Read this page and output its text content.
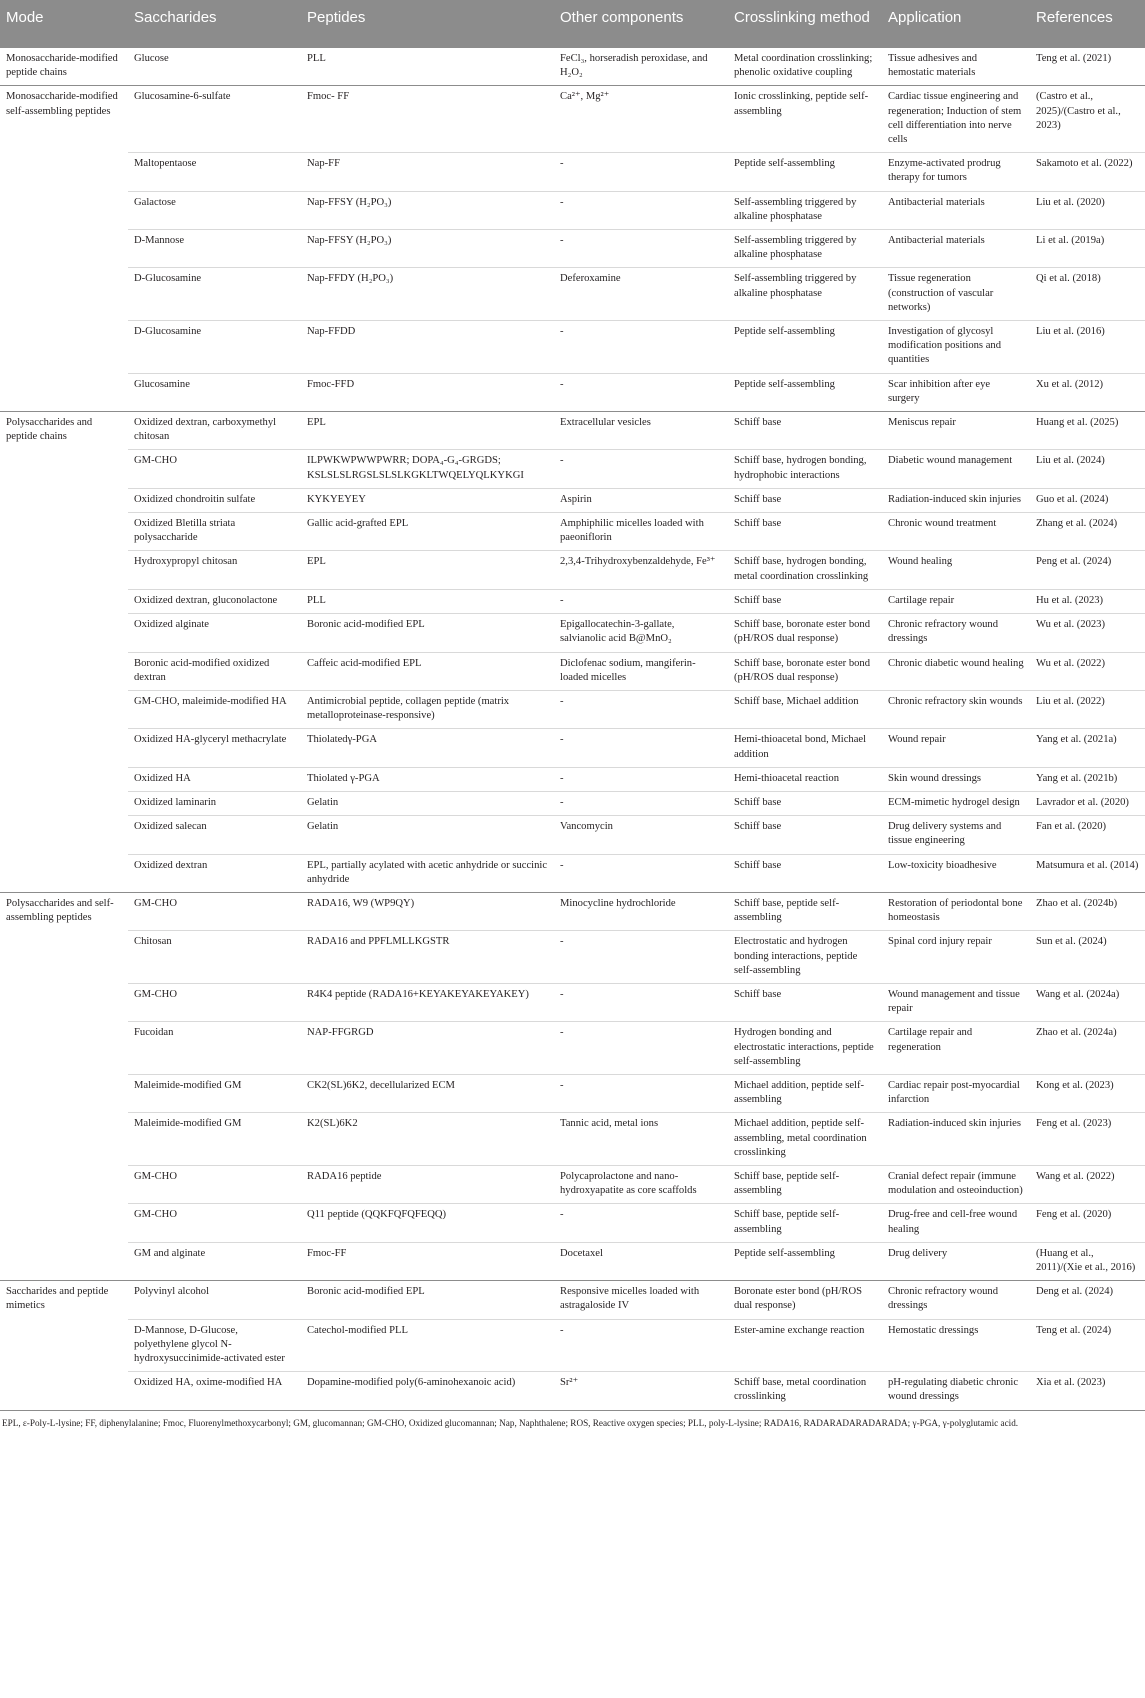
Mode	Saccharides	Peptides	Other components	Crosslinking method	Application	References
Monosaccharide-modified peptide chains	Glucose	PLL	FeCl₃, horseradish peroxidase, and H₂O₂	Metal coordination crosslinking; phenolic oxidative coupling	Tissue adhesives and hemostatic materials	Teng et al. (2021)
Monosaccharide-modified self-assembling peptides	Glucosamine-6-sulfate	Fmoc- FF	Ca²⁺, Mg²⁺	Ionic crosslinking, peptide self-assembling	Cardiac tissue engineering and regeneration; Induction of stem cell differentiation into nerve cells	(Castro et al., 2025)/(Castro et al., 2023)
	Maltopentaose	Nap-FF	-	Peptide self-assembling	Enzyme-activated prodrug therapy for tumors	Sakamoto et al. (2022)
	Galactose	Nap-FFSY (H₂PO₃)	-	Self-assembling triggered by alkaline phosphatase	Antibacterial materials	Liu et al. (2020)
	D-Mannose	Nap-FFSY (H₂PO₃)	-	Self-assembling triggered by alkaline phosphatase	Antibacterial materials	Li et al. (2019a)
	D-Glucosamine	Nap-FFDY (H₂PO₃)	Deferoxamine	Self-assembling triggered by alkaline phosphatase	Tissue regeneration (construction of vascular networks)	Qi et al. (2018)
	D-Glucosamine	Nap-FFDD	-	Peptide self-assembling	Investigation of glycosyl modification positions and quantities	Liu et al. (2016)
	Glucosamine	Fmoc-FFD	-	Peptide self-assembling	Scar inhibition after eye surgery	Xu et al. (2012)
Polysaccharides and peptide chains	Oxidized dextran, carboxymethyl chitosan	EPL	Extracellular vesicles	Schiff base	Meniscus repair	Huang et al. (2025)
	GM-CHO	ILPWKWPWWPWRR; DOPA₄-G₄-GRGDS; KSLSLSLRGSLSLSLKGKLTWQELYQLKYKGI	-	Schiff base, hydrogen bonding, hydrophobic interactions	Diabetic wound management	Liu et al. (2024)
	Oxidized chondroitin sulfate	KYKYEYEY	Aspirin	Schiff base	Radiation-induced skin injuries	Guo et al. (2024)
	Oxidized Bletilla striata polysaccharide	Gallic acid-grafted EPL	Amphiphilic micelles loaded with paeoniflorin	Schiff base	Chronic wound treatment	Zhang et al. (2024)
	Hydroxypropyl chitosan	EPL	2,3,4-Trihydroxybenzaldehyde, Fe³⁺	Schiff base, hydrogen bonding, metal coordination crosslinking	Wound healing	Peng et al. (2024)
	Oxidized dextran, gluconolactone	PLL	-	Schiff base	Cartilage repair	Hu et al. (2023)
	Oxidized alginate	Boronic acid-modified EPL	Epigallocatechin-3-gallate, salvianolic acid B@MnO₂	Schiff base, boronate ester bond (pH/ROS dual response)	Chronic refractory wound dressings	Wu et al. (2023)
	Boronic acid-modified oxidized dextran	Caffeic acid-modified EPL	Diclofenac sodium, mangiferin-loaded micelles	Schiff base, boronate ester bond (pH/ROS dual response)	Chronic diabetic wound healing	Wu et al. (2022)
	GM-CHO, maleimide-modified HA	Antimicrobial peptide, collagen peptide (matrix metalloproteinase-responsive)	-	Schiff base, Michael addition	Chronic refractory skin wounds	Liu et al. (2022)
	Oxidized HA-glyceryl methacrylate	Thiolatedγ-PGA	-	Hemi-thioacetal bond, Michael addition	Wound repair	Yang et al. (2021a)
	Oxidized HA	Thiolated γ-PGA	-	Hemi-thioacetal reaction	Skin wound dressings	Yang et al. (2021b)
	Oxidized laminarin	Gelatin	-	Schiff base	ECM-mimetic hydrogel design	Lavrador et al. (2020)
	Oxidized salecan	Gelatin	Vancomycin	Schiff base	Drug delivery systems and tissue engineering	Fan et al. (2020)
	Oxidized dextran	EPL, partially acylated with acetic anhydride or succinic anhydride	-	Schiff base	Low-toxicity bioadhesive	Matsumura et al. (2014)
Polysaccharides and self-assembling peptides	GM-CHO	RADA16, W9 (WP9QY)	Minocycline hydrochloride	Schiff base, peptide self-assembling	Restoration of periodontal bone homeostasis	Zhao et al. (2024b)
	Chitosan	RADA16 and PPFLMLLKGSTR	-	Electrostatic and hydrogen bonding interactions, peptide self-assembling	Spinal cord injury repair	Sun et al. (2024)
	GM-CHO	R4K4 peptide (RADA16+KEYAKEYAKEYAKEY)	-	Schiff base	Wound management and tissue repair	Wang et al. (2024a)
	Fucoidan	NAP-FFGRGD	-	Hydrogen bonding and electrostatic interactions, peptide self-assembling	Cartilage repair and regeneration	Zhao et al. (2024a)
	Maleimide-modified GM	CK2(SL)6K2, decellularized ECM	-	Michael addition, peptide self-assembling	Cardiac repair post-myocardial infarction	Kong et al. (2023)
	Maleimide-modified GM	K2(SL)6K2	Tannic acid, metal ions	Michael addition, peptide self-assembling, metal coordination crosslinking	Radiation-induced skin injuries	Feng et al. (2023)
	GM-CHO	RADA16 peptide	Polycaprolactone and nano-hydroxyapatite as core scaffolds	Schiff base, peptide self-assembling	Cranial defect repair (immune modulation and osteoinduction)	Wang et al. (2022)
	GM-CHO	Q11 peptide (QQKFQFQFEQQ)	-	Schiff base, peptide self-assembling	Drug-free and cell-free wound healing	Feng et al. (2020)
	GM and alginate	Fmoc-FF	Docetaxel	Peptide self-assembling	Drug delivery	(Huang et al., 2011)/(Xie et al., 2016)
Saccharides and peptide mimetics	Polyvinyl alcohol	Boronic acid-modified EPL	Responsive micelles loaded with astragaloside IV	Boronate ester bond (pH/ROS dual response)	Chronic refractory wound dressings	Deng et al. (2024)
	D-Mannose, D-Glucose, polyethylene glycol N-hydroxysuccinimide-activated ester	Catechol-modified PLL	-	Ester-amine exchange reaction	Hemostatic dressings	Teng et al. (2024)
	Oxidized HA, oxime-modified HA	Dopamine-modified poly(6-aminohexanoic acid)	Sr²⁺	Schiff base, metal coordination crosslinking	pH-regulating diabetic chronic wound dressings	Xia et al. (2023)
EPL, ε-Poly-L-lysine; FF, diphenylalanine; Fmoc, Fluorenylmethoxycarbonyl; GM, glucomannan; GM-CHO, Oxidized glucomannan; Nap, Naphthalene; ROS, Reactive oxygen species; PLL, poly-L-lysine; RADA16, RADARADARADARADA; γ-PGA, γ-polyglutamic acid.
